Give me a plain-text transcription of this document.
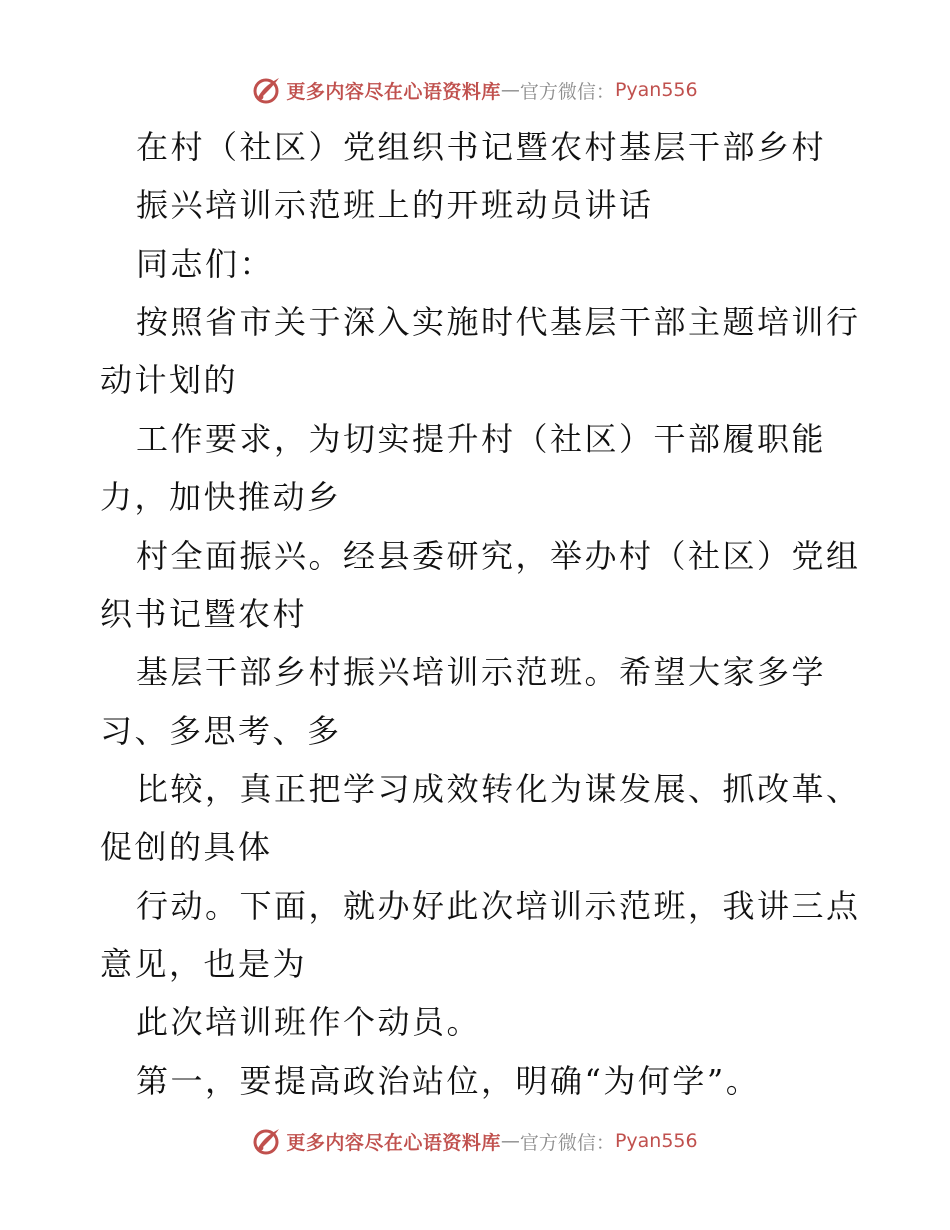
更多内容尽在心语资料库 — 官方微信： Pyan556
在村（社区）党组织书记暨农村基层干部乡村
振兴培训示范班上的开班动员讲话
同志们：
按照省市关于深入实施时代基层干部主题培训行
动计划的
工作要求，为切实提升村（社区）干部履职能
力，加快推动乡
村全面振兴。经县委研究，举办村（社区）党组
织书记暨农村
基层干部乡村振兴培训示范班。希望大家多学
习、多思考、多
比较，真正把学习成效转化为谋发展、抓改革、
促创的具体
行动。下面，就办好此次培训示范班，我讲三点
意见，也是为
此次培训班作个动员。
第一，要提高政治站位，明确“为何学”。
更多内容尽在心语资料库 — 官方微信： Pyan556
